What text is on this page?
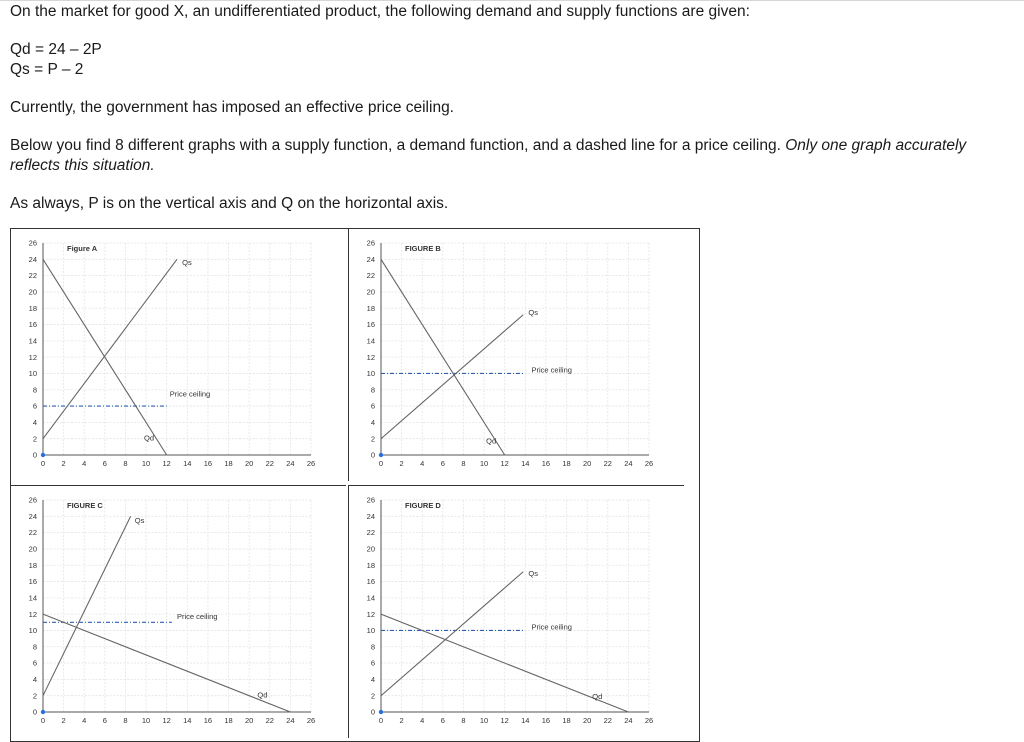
On the market for good X, an undifferentiated product, the following demand and supply functions are given:

Qd = 24 – 2P

Qs = P – 2

Currently, the government has imposed an effective price ceiling.

Below you find 8 different graphs with a supply function, a demand function, and a dashed line for a price ceiling. Only one graph accurately reflects this situation.

As always, P is on the vertical axis and Q on the horizontal axis.

0 2 4 6 8 10 12 14 16 18 20 22 24 26
0
2
4
6
8
10
12
14
16
18
20
22
24
26
Figure A
Qs
Qd
Price ceiling
0 2 4 6 8 10 12 14 16 18 20 22 24 26
0
2
4
6
8
10
12
14
16
18
20
22
24
26
FIGURE B
Qs
Qd
Price ceiling
0 2 4 6 8 10 12 14 16 18 20 22 24 26
0
2
4
6
8
10
12
14
16
18
20
22
24
26
FIGURE C
Qs
Qd
Price ceiling
0 2 4 6 8 10 12 14 16 18 20 22 24 26
0
2
4
6
8
10
12
14
16
18
20
22
24
26
FIGURE D
Qs
Qd
Price ceiling
